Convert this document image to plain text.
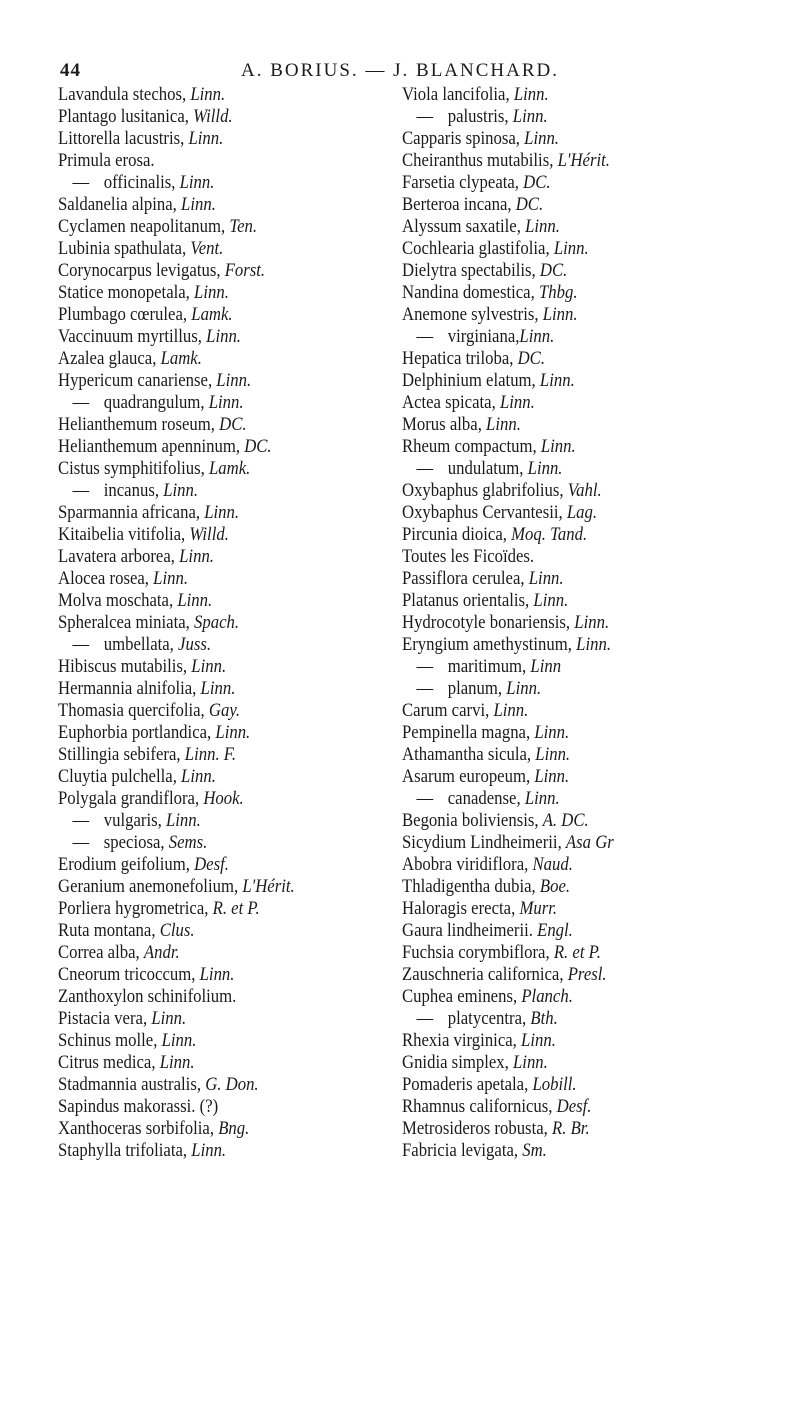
44	A. BORIUS. — J. BLANCHARD.
Lavandula stechos, Linn.
Plantago lusitanica, Willd.
Littorella lacustris, Linn.
Primula erosa.
— officinalis, Linn.
Saldanelia alpina, Linn.
Cyclamen neapolitanum, Ten.
Lubinia spathulata, Vent.
Corynocarpus levigatus, Forst.
Statice monopetala, Linn.
Plumbago cœrulea, Lamk.
Vaccinuum myrtillus, Linn.
Azalea glauca, Lamk.
Hypericum canariense, Linn.
— quadrangulum, Linn.
Helianthemum roseum, DC.
Helianthemum apenninum, DC.
Cistus symphitifolius, Lamk.
— incanus, Linn.
Sparmannia africana, Linn.
Kitaibelia vitifolia, Willd.
Lavatera arborea, Linn.
Alocea rosea, Linn.
Molva moschata, Linn.
Spheralcea miniata, Spach.
— umbellata, Juss.
Hibiscus mutabilis, Linn.
Hermannia alnifolia, Linn.
Thomasia quercifolia, Gay.
Euphorbia portlandica, Linn.
Stillingia sebifera, Linn. F.
Cluytia pulchella, Linn.
Polygala grandiflora, Hook.
— vulgaris, Linn.
— speciosa, Sems.
Erodium geifolium, Desf.
Geranium anemonefolium, L'Hérit.
Porliera hygrometrica, R. et P.
Ruta montana, Clus.
Correa alba, Andr.
Cneorum tricoccum, Linn.
Zanthoxylon schinifolium.
Pistacia vera, Linn.
Schinus molle, Linn.
Citrus medica, Linn.
Stadmannia australis, G. Don.
Sapindus makorassi. (?)
Xanthoceras sorbifolia, Bng.
Staphylla trifoliata, Linn.
Viola lancifolia, Linn.
— palustris, Linn.
Capparis spinosa, Linn.
Cheiranthus mutabilis, L'Hérit.
Farsetia clypeata, DC.
Berteroa incana, DC.
Alyssum saxatile, Linn.
Cochlearia glastifolia, Linn.
Dielytra spectabilis, DC.
Nandina domestica, Thbg.
Anemone sylvestris, Linn.
— virginiana,Linn.
Hepatica triloba, DC.
Delphinium elatum, Linn.
Actea spicata, Linn.
Morus alba, Linn.
Rheum compactum, Linn.
— undulatum, Linn.
Oxybaphus glabrifolius, Vahl.
Oxybaphus Cervantesii, Lag.
Pircunia dioica, Moq. Tand.
Toutes les Ficoïdes.
Passiflora cerulea, Linn.
Platanus orientalis, Linn.
Hydrocotyle bonariensis, Linn.
Eryngium amethystinum, Linn.
— maritimum, Linn
— planum, Linn.
Carum carvi, Linn.
Pempinella magna, Linn.
Athamantha sicula, Linn.
Asarum europeum, Linn.
— canadense, Linn.
Begonia boliviensis, A. DC.
Sicydium Lindheimerii, Asa Gr
Abobra viridiflora, Naud.
Thladigentha dubia, Boe.
Haloragis erecta, Murr.
Gaura lindheimerii. Engl.
Fuchsia corymbiflora, R. et P.
Zauschneria californica, Presl.
Cuphea eminens, Planch.
— platycentra, Bth.
Rhexia virginica, Linn.
Gnidia simplex, Linn.
Pomaderis apetala, Lobill.
Rhamnus californicus, Desf.
Metrosideros robusta, R. Br.
Fabricia levigata, Sm.
